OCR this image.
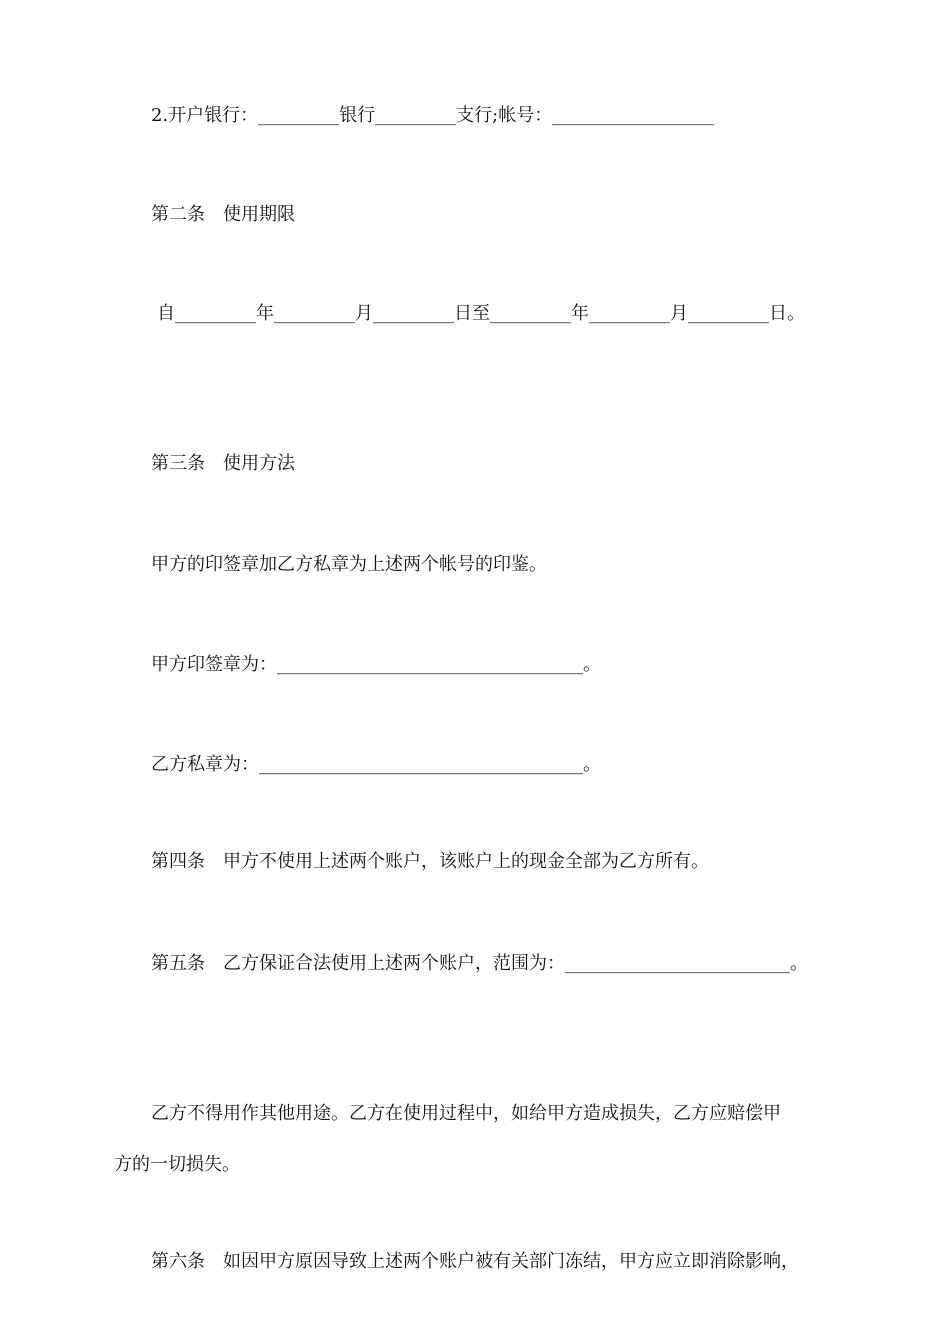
2.开户银行：_________银行_________支行;帐号：__________________
第二条　使用期限
自_________年_________月_________日至_________年_________月_________日。
第三条　使用方法
甲方的印签章加乙方私章为上述两个帐号的印鉴。
甲方印签章为：__________________________________。
乙方私章为：____________________________________。
第四条　甲方不使用上述两个账户，该账户上的现金全部为乙方所有。
第五条　乙方保证合法使用上述两个账户，范围为：_________________________。
乙方不得用作其他用途。乙方在使用过程中，如给甲方造成损失，乙方应赔偿甲
方的一切损失。
第六条　如因甲方原因导致上述两个账户被有关部门冻结，甲方应立即消除影响，
